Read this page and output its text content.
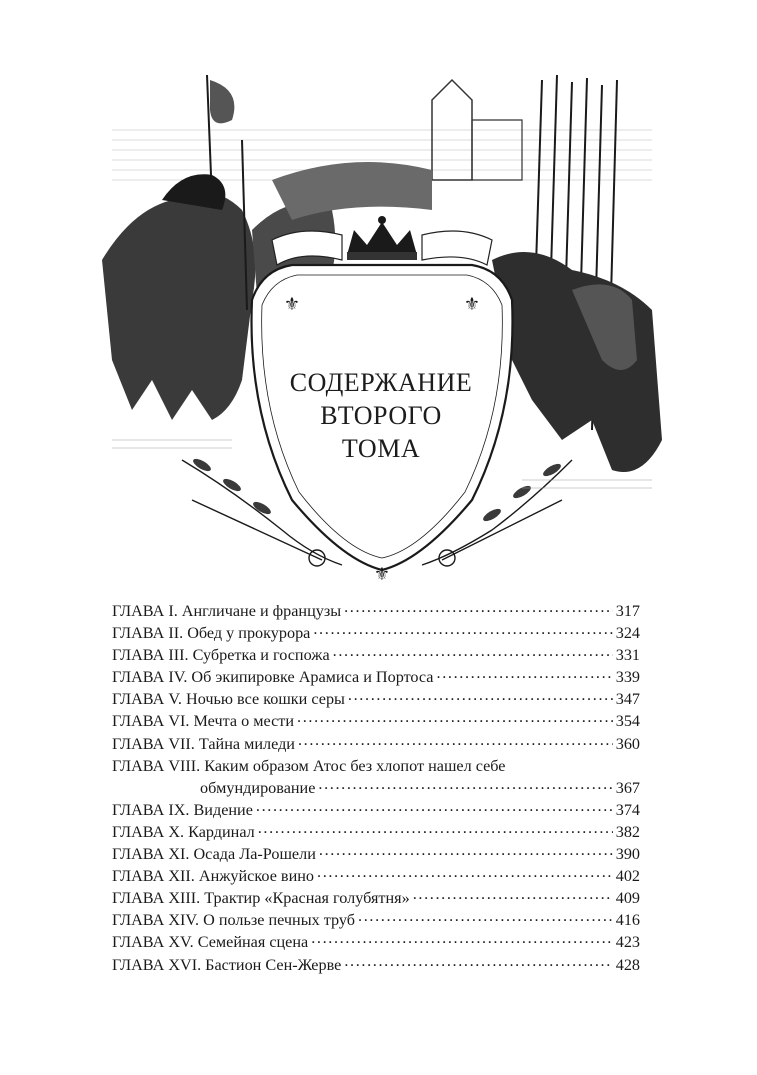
⚜	⚜
⚜
СОДЕРЖАНИЕ
ВТОРОГО
ТОМА
ГЛАВА I. Англичане и французы . . .	317
ГЛАВА II. Обед у прокурора . . .	324
ГЛАВА III. Субретка и госпожа . . .	331
ГЛАВА IV. Об экипировке Арамиса и Портоса . . .	339
ГЛАВА V. Ночью все кошки серы . . .	347
ГЛАВА VI. Мечта о мести . . .	354
ГЛАВА VII. Тайна миледи . . .	360
ГЛАВА VIII. Каким образом Атос без хлопот нашел себе
обмундирование . . .	367
ГЛАВА IX. Видение . . .	374
ГЛАВА X. Кардинал . . .	382
ГЛАВА XI. Осада Ла-Рошели . . .	390
ГЛАВА XII. Анжуйское вино . . .	402
ГЛАВА XIII. Трактир «Красная голубятня» . . .	409
ГЛАВА XIV. О пользе печных труб . . .	416
ГЛАВА XV. Семейная сцена . . .	423
ГЛАВА XVI. Бастион Сен-Жерве . . .	428
